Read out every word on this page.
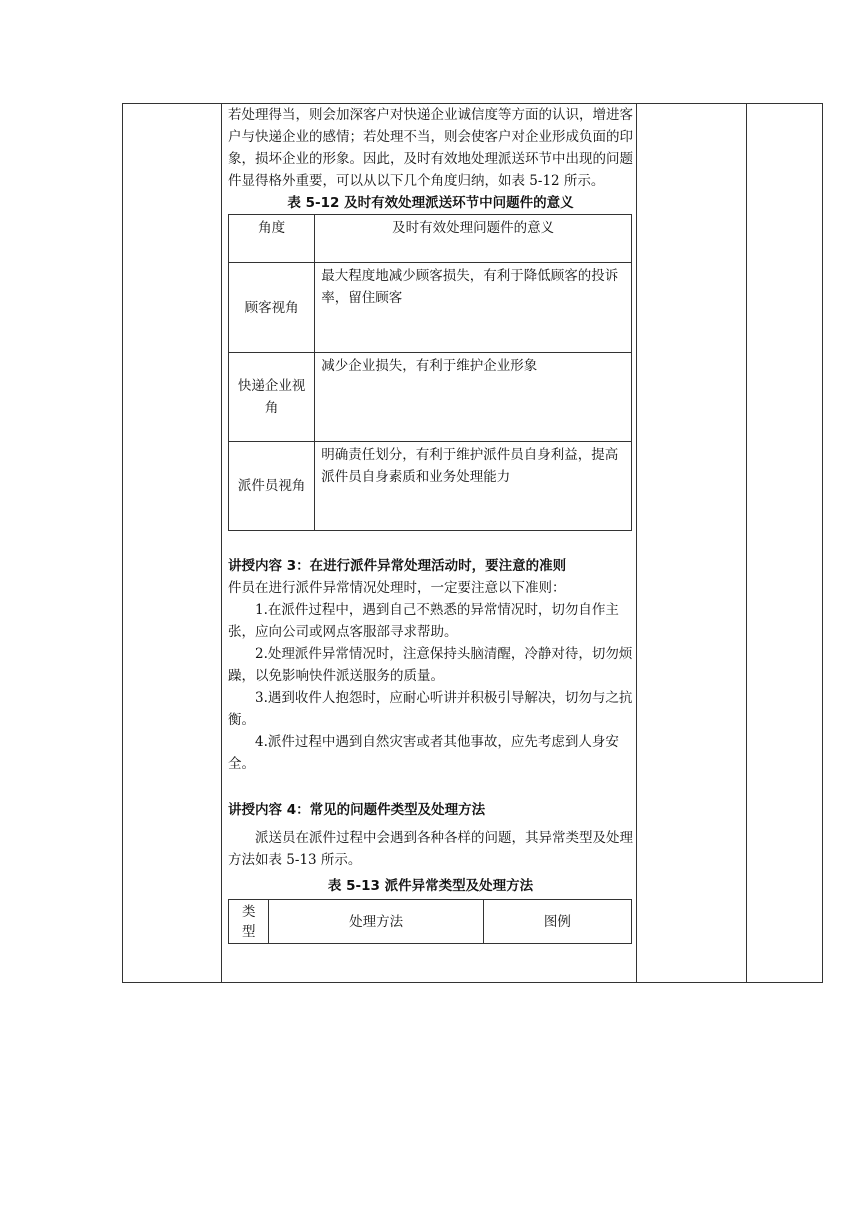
若处理得当，则会加深客户对快递企业诚信度等方面的认识，增进客户与快递企业的感情；若处理不当，则会使客户对企业形成负面的印象，损坏企业的形象。因此，及时有效地处理派送环节中出现的问题件显得格外重要，可以从以下几个角度归纳，如表 5-12 所示。

表 5-12 及时有效处理派送环节中问题件的意义
角度	及时有效处理问题件的意义
顾客视角	最大程度地减少顾客损失，有利于降低顾客的投诉率，留住顾客
快递企业视角	减少企业损失，有利于维护企业形象
派件员视角	明确责任划分，有利于维护派件员自身利益，提高派件员自身素质和业务处理能力
讲授内容 3：在进行派件异常处理活动时，要注意的准则

件员在进行派件异常情况处理时，一定要注意以下准则：

1.在派件过程中，遇到自己不熟悉的异常情况时，切勿自作主张，应向公司或网点客服部寻求帮助。

2.处理派件异常情况时，注意保持头脑清醒，冷静对待，切勿烦躁，以免影响快件派送服务的质量。

3.遇到收件人抱怨时，应耐心听讲并积极引导解决，切勿与之抗衡。

4.派件过程中遇到自然灾害或者其他事故，应先考虑到人身安全。

讲授内容 4：常见的问题件类型及处理方法

派送员在派件过程中会遇到各种各样的问题，其异常类型及处理方法如表 5-13 所示。

表 5-13 派件异常类型及处理方法
类型	处理方法	图例
